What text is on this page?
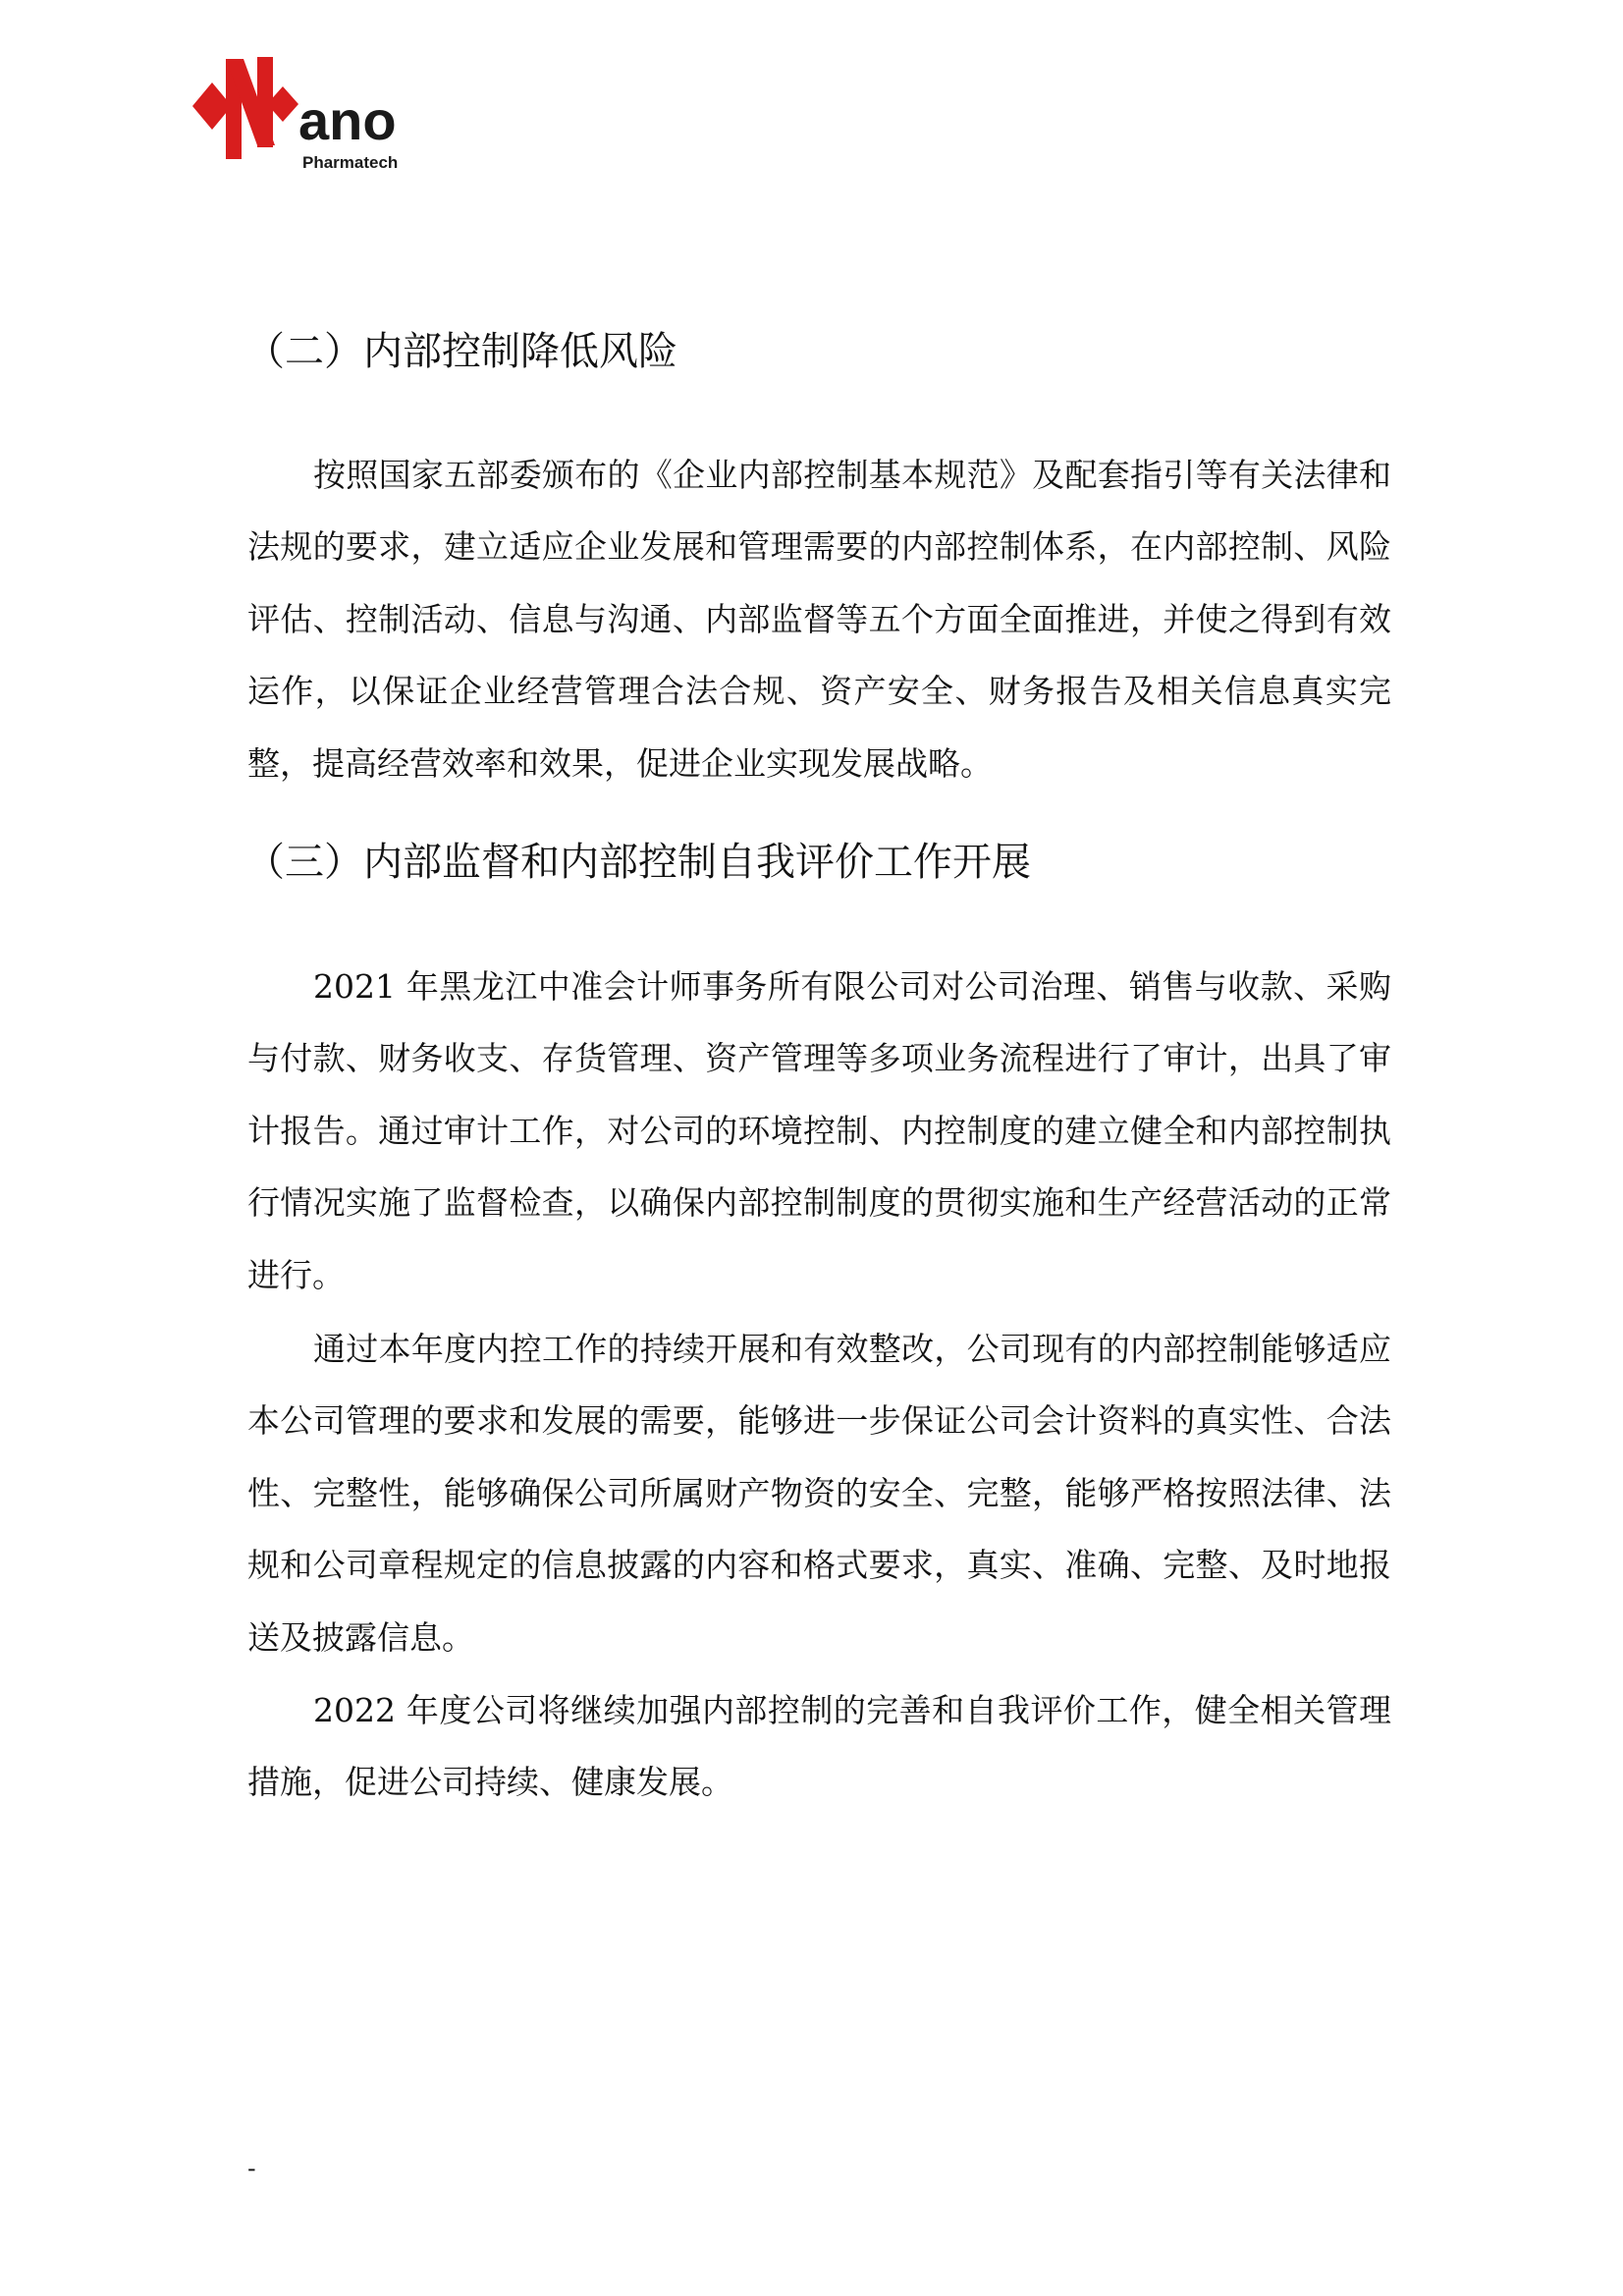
ano
Pharmatech
（二）内部控制降低风险

按照国家五部委颁布的《企业内部控制基本规范》及配套指引等有关法律和法规的要求，建立适应企业发展和管理需要的内部控制体系，在内部控制、风险评估、控制活动、信息与沟通、内部监督等五个方面全面推进，并使之得到有效运作，以保证企业经营管理合法合规、资产安全、财务报告及相关信息真实完整，提高经营效率和效果，促进企业实现发展战略。

（三）内部监督和内部控制自我评价工作开展

2021 年黑龙江中准会计师事务所有限公司对公司治理、销售与收款、采购与付款、财务收支、存货管理、资产管理等多项业务流程进行了审计，出具了审计报告。通过审计工作，对公司的环境控制、内控制度的建立健全和内部控制执行情况实施了监督检查，以确保内部控制制度的贯彻实施和生产经营活动的正常进行。

通过本年度内控工作的持续开展和有效整改，公司现有的内部控制能够适应本公司管理的要求和发展的需要，能够进一步保证公司会计资料的真实性、合法性、完整性，能够确保公司所属财产物资的安全、完整，能够严格按照法律、法规和公司章程规定的信息披露的内容和格式要求，真实、准确、完整、及时地报送及披露信息。

2022 年度公司将继续加强内部控制的完善和自我评价工作，健全相关管理措施，促进公司持续、健康发展。

-
